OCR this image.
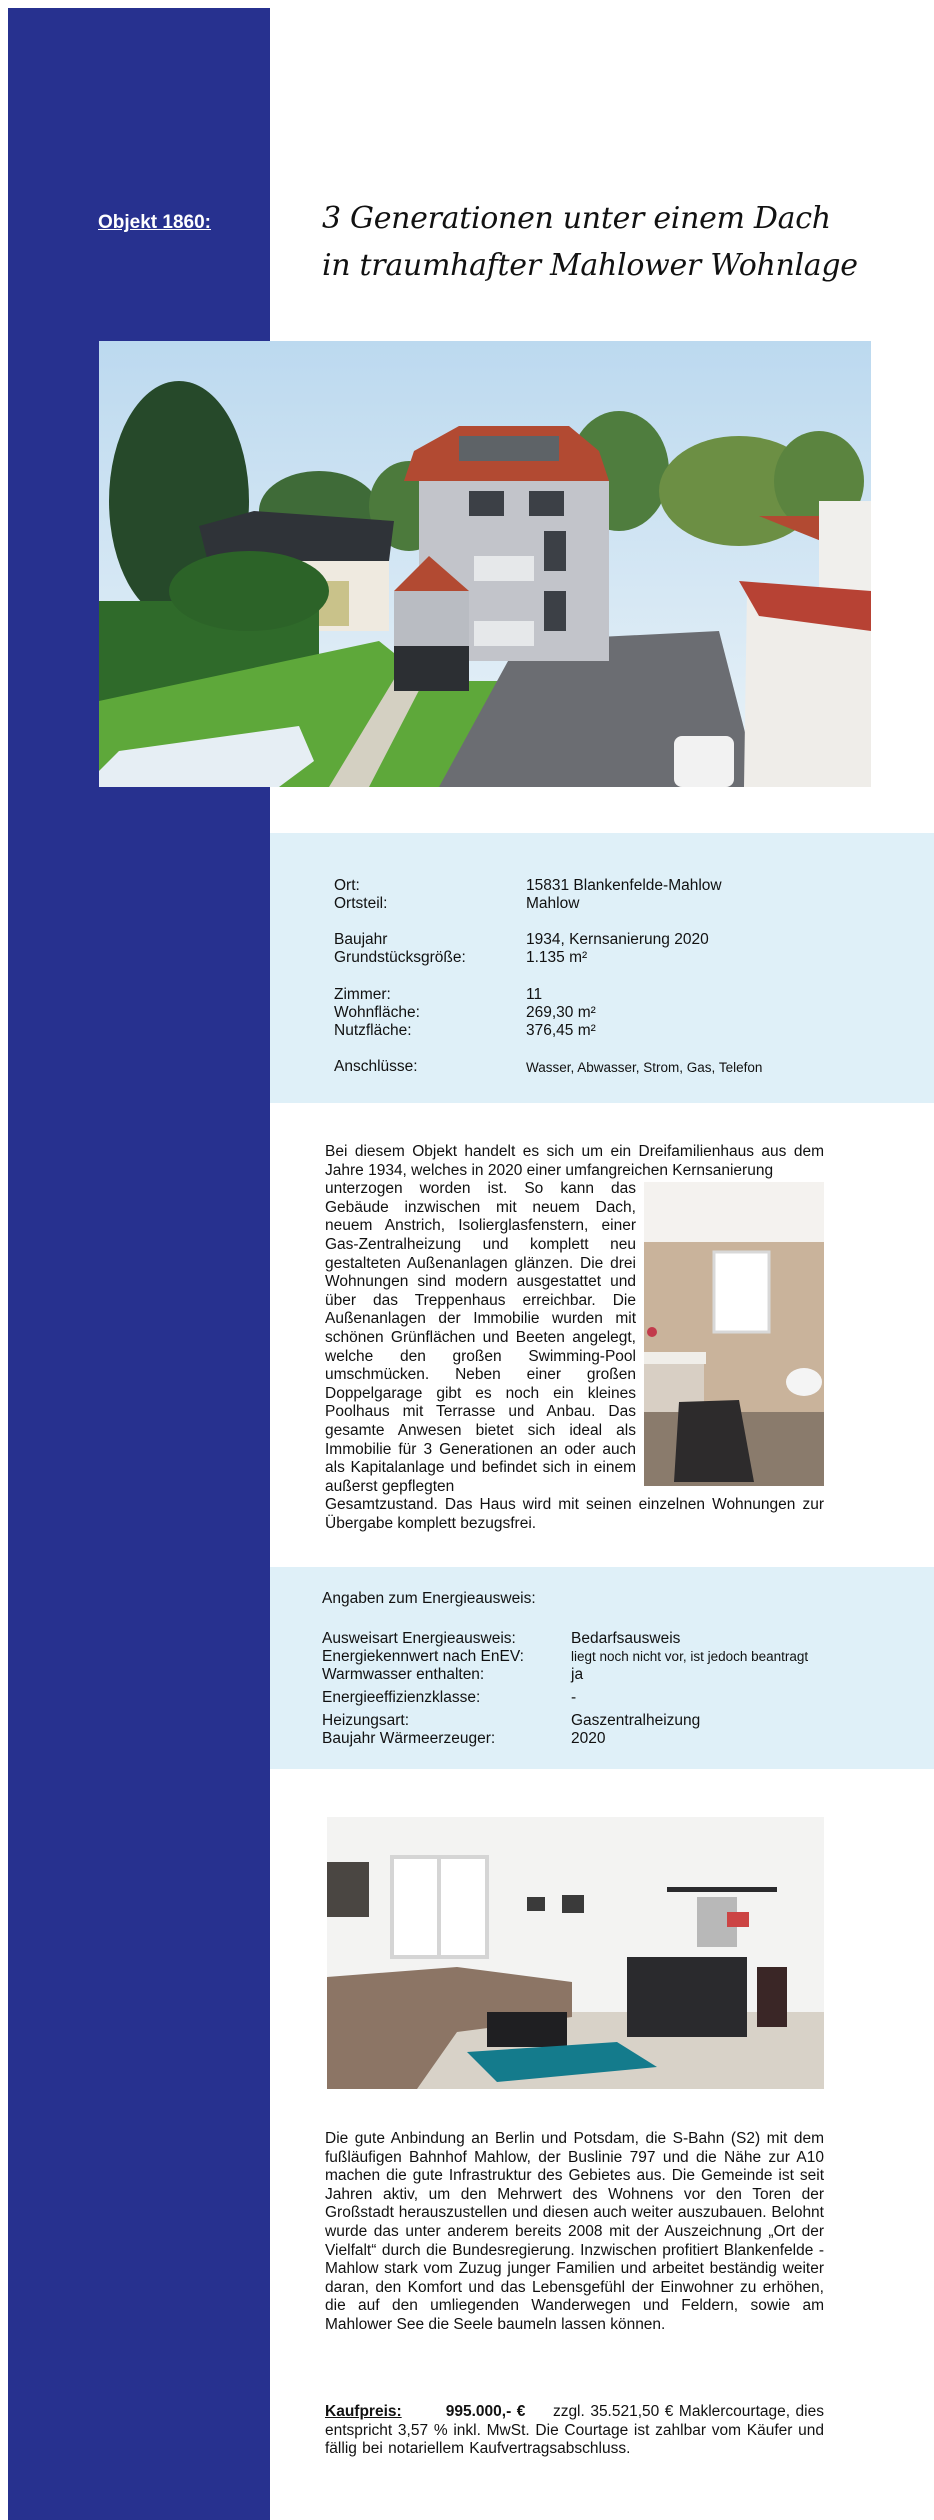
Objekt 1860:	3 Generationen unter einem Dach
in traumhafter Mahlower Wohnlage
Ort:	15831 Blankenfelde-Mahlow
Ortsteil:	Mahlow
Baujahr	1934, Kernsanierung 2020
Grundstücksgröße:	1.135 m²
Zimmer:	11
Wohnfläche:	269,30 m²
Nutzfläche:	376,45 m²
Anschlüsse:	Wasser, Abwasser, Strom, Gas, Telefon

Bei diesem Objekt handelt es sich um ein Dreifamilienhaus aus dem Jahre 1934, welches in 2020 einer umfangreichen Kernsanierung

unterzogen worden ist. So kann das Gebäude inzwischen mit neuem Dach, neuem Anstrich, Isolierglasfenstern, einer Gas-Zentralheizung und komplett neu gestalteten Außenanlagen glänzen. Die drei Wohnungen sind modern ausgestattet und über das Treppenhaus erreichbar. Die Außenanlagen der Immobilie wurden mit schönen Grünflächen und Beeten angelegt, welche den großen Swimming-Pool umschmücken. Neben einer großen Doppelgarage gibt es noch ein kleines Poolhaus mit Terrasse und Anbau. Das gesamte Anwesen bietet sich ideal als Immobilie für 3 Generationen an oder auch als Kapitalanlage und befindet sich in einem außerst gepflegten

Gesamtzustand. Das Haus wird mit seinen einzelnen Wohnungen zur Übergabe komplett bezugsfrei.

Angaben zum Energieausweis:
Ausweisart Energieausweis:	Bedarfsausweis
Energiekennwert nach EnEV:	liegt noch nicht vor, ist jedoch beantragt
Warmwasser enthalten:	ja
Energieeffizienzklasse:	-
Heizungsart:	Gaszentralheizung
Baujahr Wärmeerzeuger:	2020
Die gute Anbindung an Berlin und Potsdam, die S-Bahn (S2) mit dem fußläufigen Bahnhof Mahlow, der Buslinie 797 und die Nähe zur A10 machen die gute Infrastruktur des Gebietes aus. Die Gemeinde ist seit Jahren aktiv, um den Mehrwert des Wohnens vor den Toren der Großstadt herauszustellen und diesen auch weiter auszubauen. Belohnt wurde das unter anderem bereits 2008 mit der Auszeichnung „Ort der Vielfalt“ durch die Bundesregierung. Inzwischen profitiert Blankenfelde - Mahlow stark vom Zuzug junger Familien und arbeitet beständig weiter daran, den Komfort und das Lebensgefühl der Einwohner zu erhöhen, die auf den umliegenden Wanderwegen und Feldern, sowie am Mahlower See die Seele baumeln lassen können.
Kaufpreis:	995.000,- € zzgl. 35.521,50 € Maklercourtage, dies entspricht 3,57 % inkl. MwSt. Die Courtage ist zahlbar vom Käufer und fällig bei notariellem Kaufvertragsabschluss.
